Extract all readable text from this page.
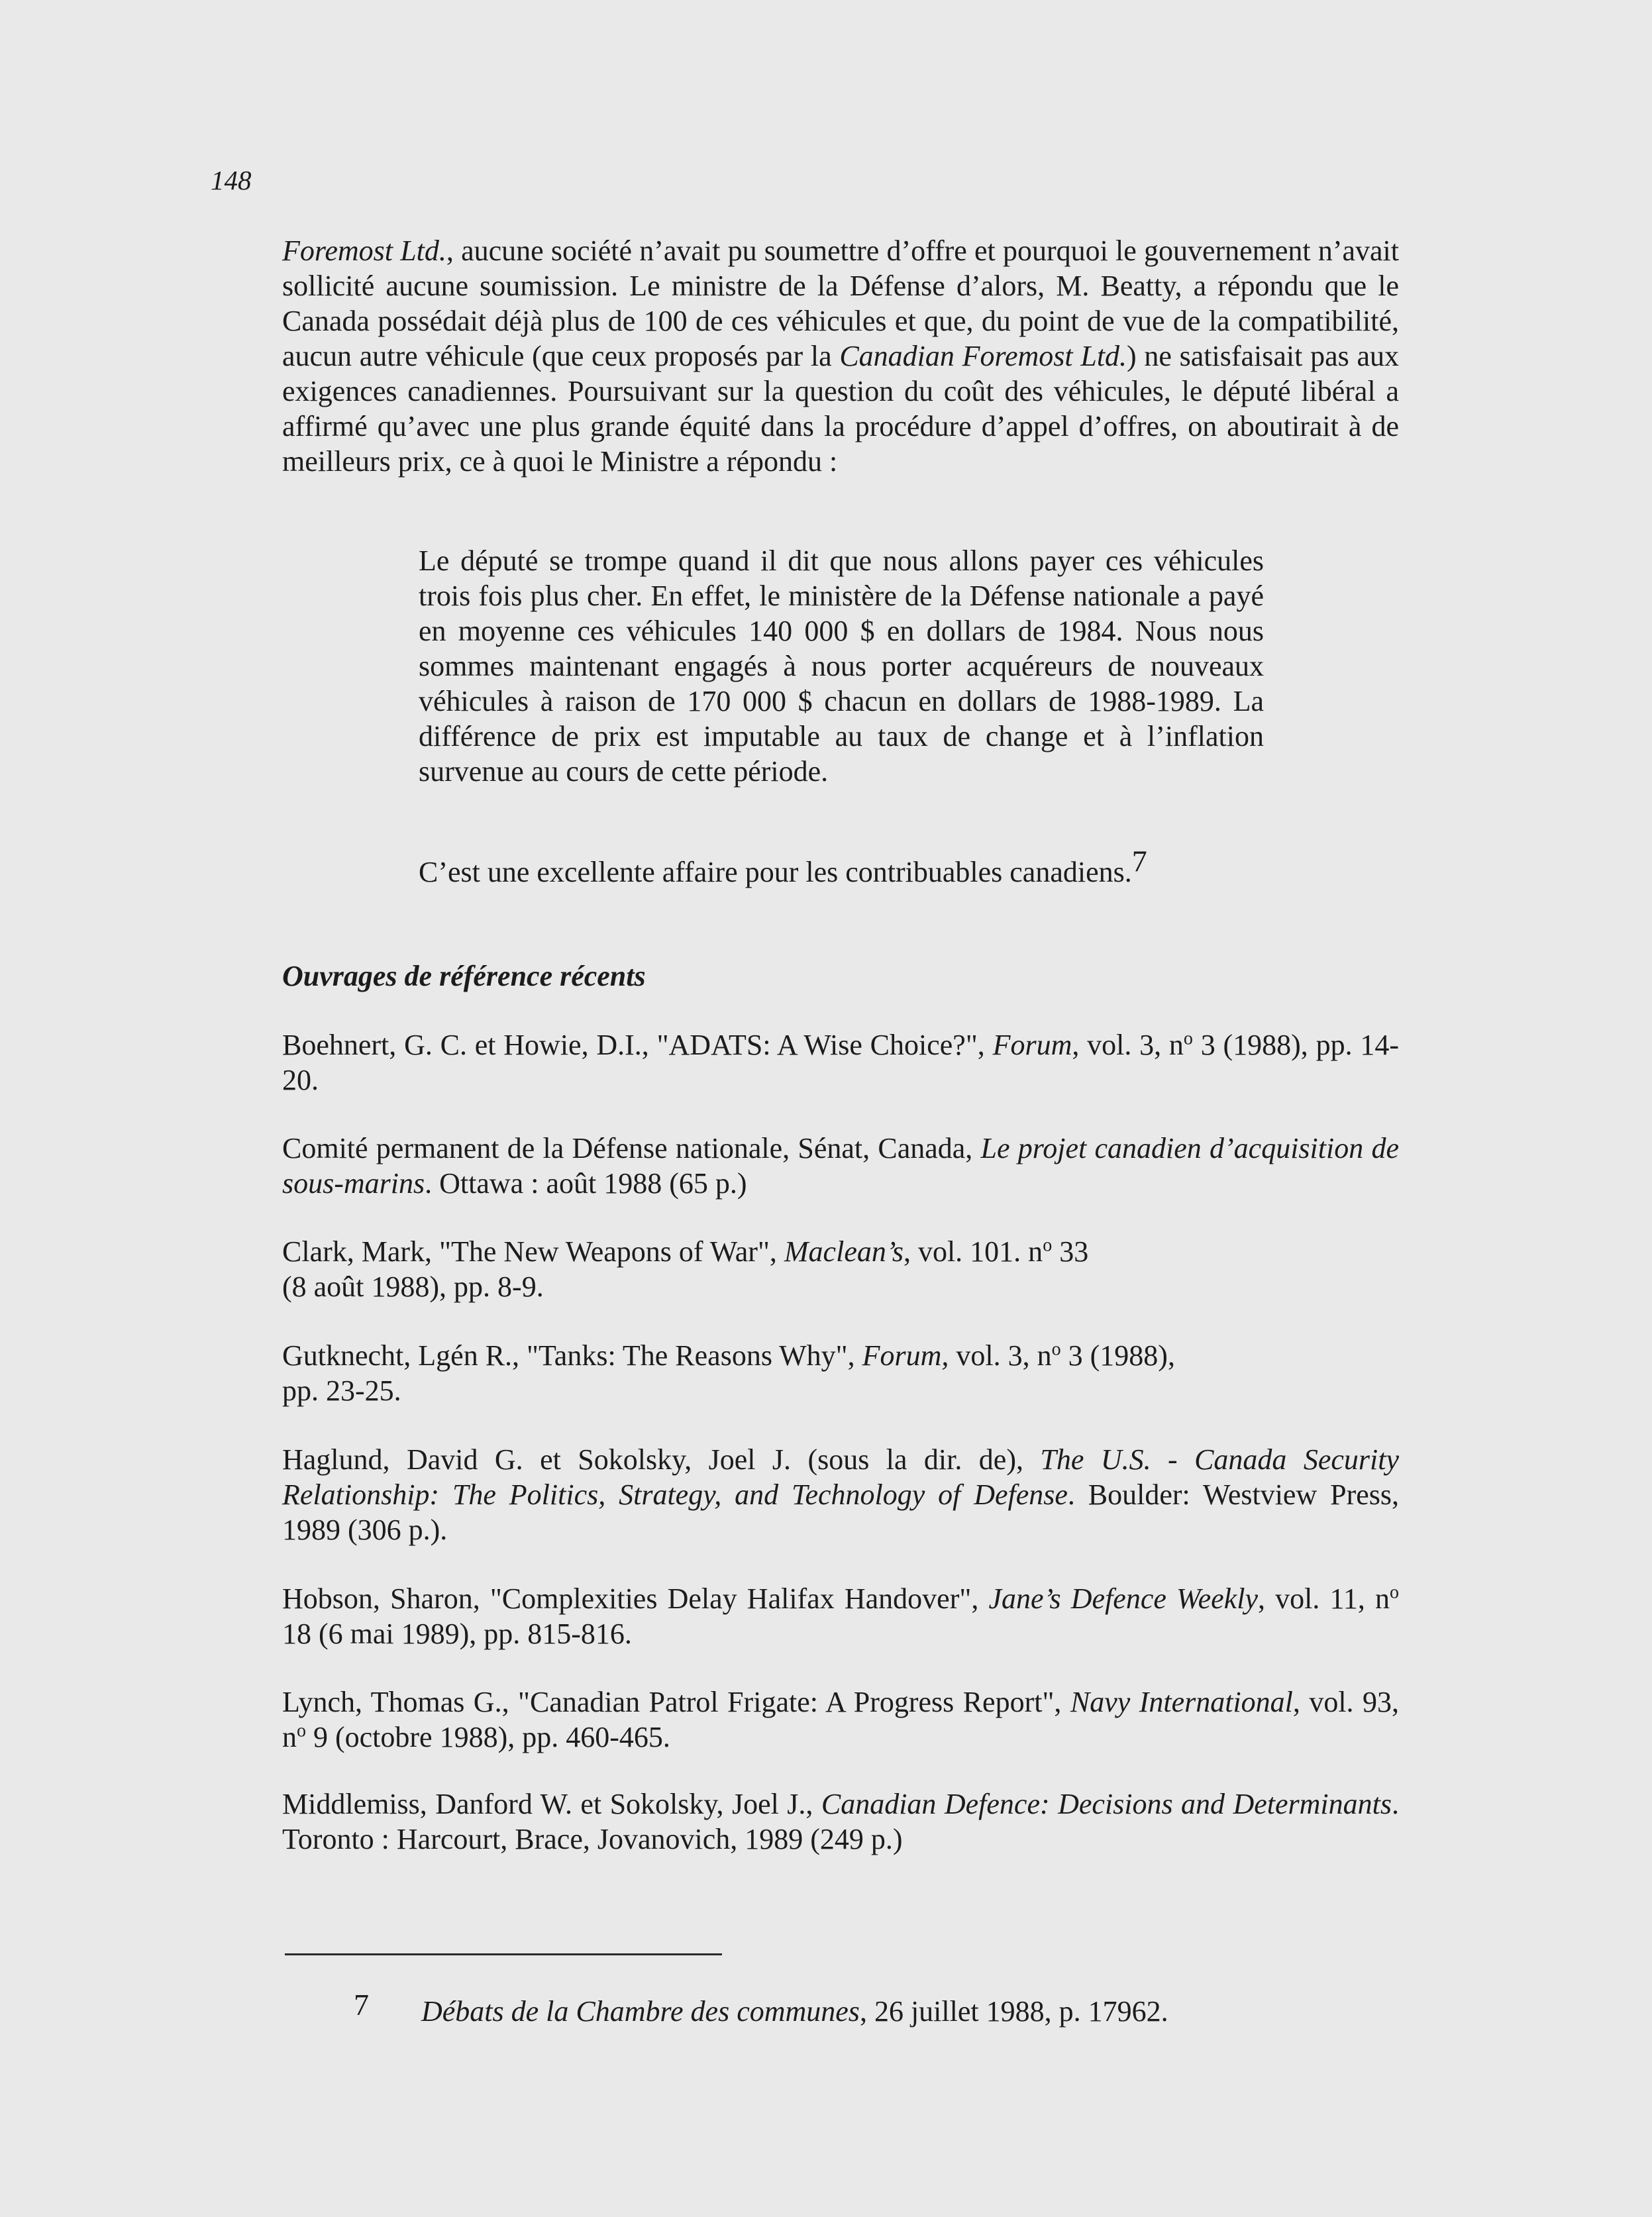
148

Foremost Ltd., aucune société n’avait pu soumettre d’offre et pourquoi le gouvernement n’avait sollicité aucune soumission. Le ministre de la Défense d’alors, M. Beatty, a répondu que le Canada possédait déjà plus de 100 de ces véhicules et que, du point de vue de la compatibilité, aucun autre véhicule (que ceux proposés par la Canadian Foremost Ltd.) ne satisfaisait pas aux exigences canadiennes. Poursuivant sur la question du coût des véhicules, le député libéral a affirmé qu’avec une plus grande équité dans la procédure d’appel d’offres, on aboutirait à de meilleurs prix, ce à quoi le Ministre a répondu :

Le député se trompe quand il dit que nous allons payer ces véhicules trois fois plus cher. En effet, le ministère de la Défense nationale a payé en moyenne ces véhicules 140 000 $ en dollars de 1984. Nous nous sommes maintenant engagés à nous porter acquéreurs de nouveaux véhicules à raison de 170 000 $ chacun en dollars de 1988-1989. La différence de prix est imputable au taux de change et à l’inflation survenue au cours de cette période.

C’est une excellente affaire pour les contribuables canadiens.7

Ouvrages de référence récents

Boehnert, G. C. et Howie, D.I., "ADATS: A Wise Choice?", Forum, vol. 3, $n^o$ 3 (1988), pp. 14-20.

Comité permanent de la Défense nationale, Sénat, Canada, Le projet canadien d’acquisition de sous-marins. Ottawa : août 1988 (65 p.)

Clark, Mark, "The New Weapons of War", Maclean’s, vol. 101. $n^o$ 33

(8 août 1988), pp. 8-9.

Gutknecht, Lgén R., "Tanks: The Reasons Why", Forum, vol. 3, $n^o$ 3 (1988),

pp. 23-25.

Haglund, David G. et Sokolsky, Joel J. (sous la dir. de), The U.S. - Canada Security Relationship: The Politics, Strategy, and Technology of Defense. Boulder: Westview Press, 1989 (306 p.).

Hobson, Sharon, "Complexities Delay Halifax Handover", Jane’s Defence Weekly, vol. 11, $n^o$ 18 (6 mai 1989), pp. 815-816.

Lynch, Thomas G., "Canadian Patrol Frigate: A Progress Report", Navy International, vol. 93, $n^o$ 9 (octobre 1988), pp. 460-465.

Middlemiss, Danford W. et Sokolsky, Joel J., Canadian Defence: Decisions and Determinants. Toronto : Harcourt, Brace, Jovanovich, 1989 (249 p.)

7 Débats de la Chambre des communes, 26 juillet 1988, p. 17962.
